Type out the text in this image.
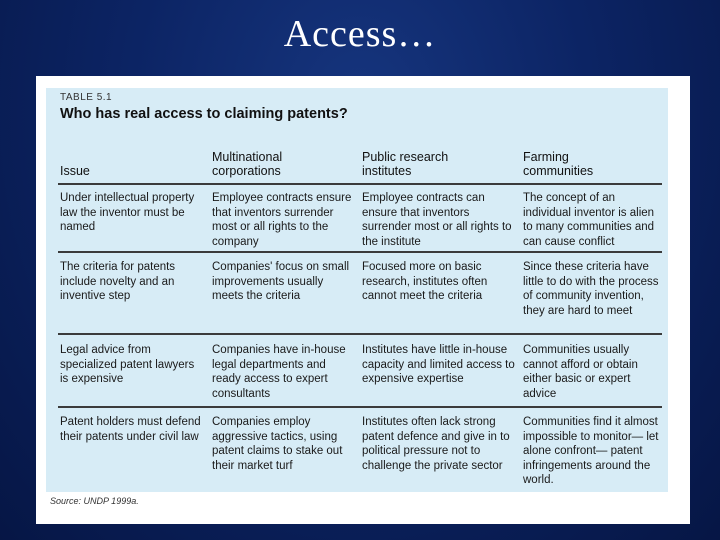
Access…
TABLE 5.1
Who has real access to claiming patents?
Issue
Multinational corporations
Public research institutes
Farming communities
Under intellectual property law the inventor must be named
Employee contracts ensure that inventors surrender most or all rights to the company
Employee contracts can ensure that inventors surrender most or all rights to the institute
The concept of an individual inventor is alien to many communities and can cause conflict
The criteria for patents include novelty and an inventive step
Companies' focus on small improvements usually meets the criteria
Focused more on basic research, institutes often cannot meet the criteria
Since these criteria have little to do with the process of community invention, they are hard to meet
Legal advice from specialized patent lawyers is expensive
Companies have in-house legal departments and ready access to expert consultants
Institutes have little in-house capacity and limited access to expensive expertise
Communities usually cannot afford or obtain either basic or expert advice
Patent holders must defend their patents under civil law
Companies employ aggressive tactics, using patent claims to stake out their market turf
Institutes often lack strong patent defence and give in to political pressure not to challenge the private sector
Communities find it almost impossible to monitor— let alone confront— patent infringements around the world.
Source: UNDP 1999a.
